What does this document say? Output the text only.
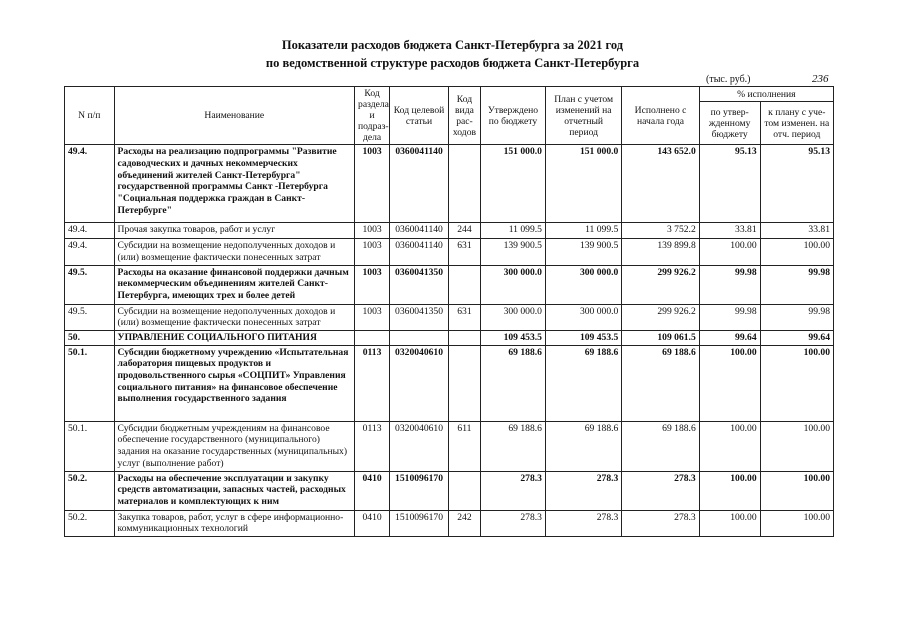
Показатели расходов бюджета Санкт-Петербурга за 2021 год
по ведомственной структуре расходов бюджета Санкт-Петербурга
(тыс. руб.)	236
N п/п	Наименование	Код раздела и подраз-дела	Код целевой статьи	Код вида рас-ходов	Утверждено по бюджету	План с учетом изменений на отчетный период	Исполнено с начала года	% исполнения	
								по утвер-жденному бюджету	к плану с уче-том изменен. на отч. период
49.4.	Расходы на реализацию подпрограммы "Развитие садоводческих и дачных некоммерческих объединений жителей Санкт-Петербурга" государственной программы Санкт -Петербурга "Социальная поддержка граждан в Санкт-Петербурге"	1003	0360041140		151 000.0	151 000.0	143 652.0	95.13	95.13
49.4.	Прочая закупка товаров, работ и услуг	1003	0360041140	244	11 099.5	11 099.5	3 752.2	33.81	33.81
49.4.	Субсидии на возмещение недополученных доходов и (или) возмещение фактически понесенных затрат	1003	0360041140	631	139 900.5	139 900.5	139 899.8	100.00	100.00
49.5.	Расходы на оказание финансовой поддержки дачным некоммерческим объединениям жителей Санкт-Петербурга, имеющих трех и более детей	1003	0360041350		300 000.0	300 000.0	299 926.2	99.98	99.98
49.5.	Субсидии на возмещение недополученных доходов и (или) возмещение фактически понесенных затрат	1003	0360041350	631	300 000.0	300 000.0	299 926.2	99.98	99.98
50.	УПРАВЛЕНИЕ СОЦИАЛЬНОГО ПИТАНИЯ				109 453.5	109 453.5	109 061.5	99.64	99.64
50.1.	Субсидии бюджетному учреждению «Испытательная лаборатория пищевых продуктов и продовольственного сырья «СОЦПИТ» Управления социального питания» на финансовое обеспечение выполнения государственного задания	0113	0320040610		69 188.6	69 188.6	69 188.6	100.00	100.00
50.1.	Субсидии бюджетным учреждениям на финансовое обеспечение государственного (муниципального) задания на оказание государственных (муниципальных) услуг (выполнение работ)	0113	0320040610	611	69 188.6	69 188.6	69 188.6	100.00	100.00
50.2.	Расходы на обеспечение эксплуатации и закупку средств автоматизации, запасных частей, расходных материалов и комплектующих к ним	0410	1510096170		278.3	278.3	278.3	100.00	100.00
50.2.	Закупка товаров, работ, услуг в сфере информационно-коммуникационных технологий	0410	1510096170	242	278.3	278.3	278.3	100.00	100.00
